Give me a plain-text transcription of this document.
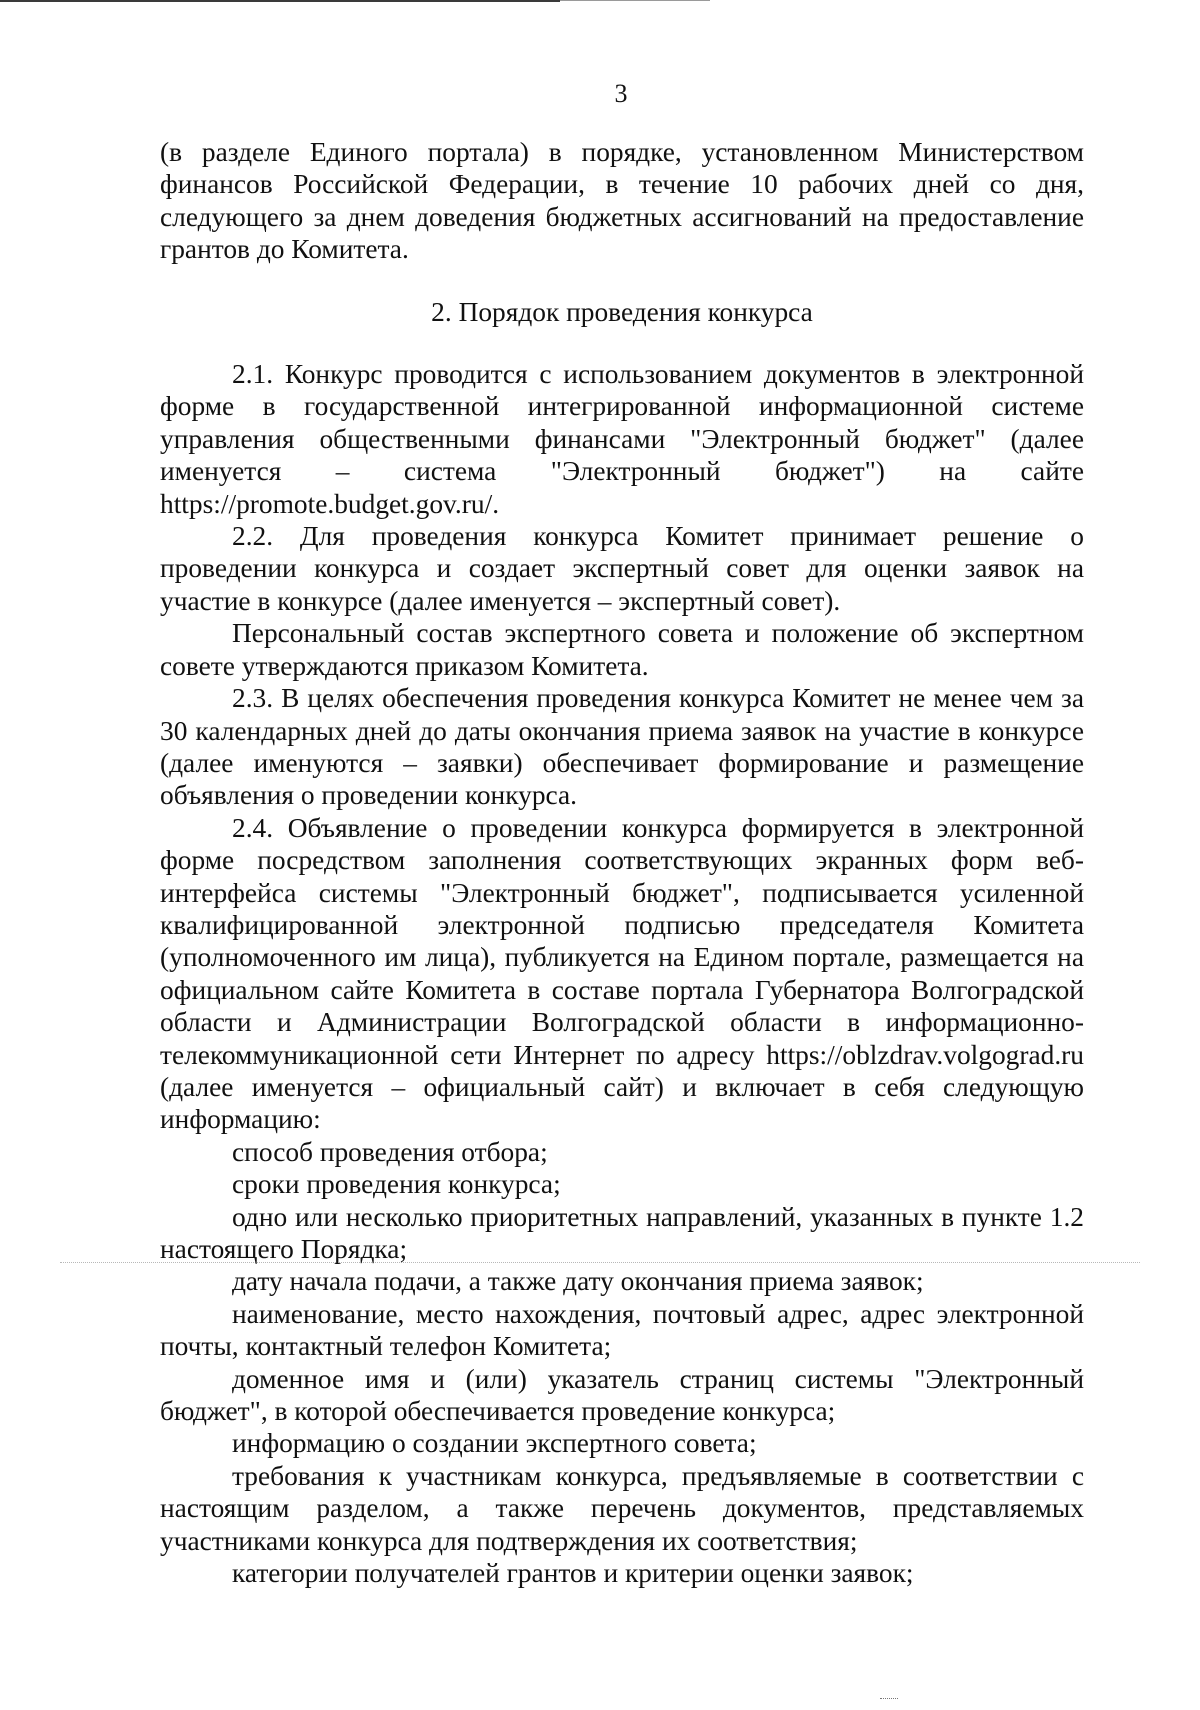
3

(в разделе Единого портала) в порядке, установленном Министерством финансов Российской Федерации, в течение 10 рабочих дней со дня, следующего за днем доведения бюджетных ассигнований на предоставление грантов до Комитета.

2. Порядок проведения конкурса

2.1. Конкурс проводится с использованием документов в электронной форме в государственной интегрированной информационной системе управления общественными финансами "Электронный бюджет" (далее именуется – система "Электронный бюджет") на сайте https://promote.budget.gov.ru/.

2.2. Для проведения конкурса Комитет принимает решение о проведении конкурса и создает экспертный совет для оценки заявок на участие в конкурсе (далее именуется – экспертный совет).

Персональный состав экспертного совета и положение об экспертном совете утверждаются приказом Комитета.

2.3. В целях обеспечения проведения конкурса Комитет не менее чем за 30 календарных дней до даты окончания приема заявок на участие в конкурсе (далее именуются – заявки) обеспечивает формирование и размещение объявления о проведении конкурса.

2.4. Объявление о проведении конкурса формируется в электронной форме посредством заполнения соответствующих экранных форм веб-интерфейса системы "Электронный бюджет", подписывается усиленной квалифицированной электронной подписью председателя Комитета (уполномоченного им лица), публикуется на Едином портале, размещается на официальном сайте Комитета в составе портала Губернатора Волгоградской области и Администрации Волгоградской области в информационно-телекоммуникационной сети Интернет по адресу https://oblzdrav.volgograd.ru (далее именуется – официальный сайт) и включает в себя следующую информацию:

способ проведения отбора;

сроки проведения конкурса;

одно или несколько приоритетных направлений, указанных в пункте 1.2 настоящего Порядка;

дату начала подачи, а также дату окончания приема заявок;

наименование, место нахождения, почтовый адрес, адрес электронной почты, контактный телефон Комитета;

доменное имя и (или) указатель страниц системы "Электронный бюджет", в которой обеспечивается проведение конкурса;

информацию о создании экспертного совета;

требования к участникам конкурса, предъявляемые в соответствии с настоящим разделом, а также перечень документов, представляемых участниками конкурса для подтверждения их соответствия;

категории получателей грантов и критерии оценки заявок;
